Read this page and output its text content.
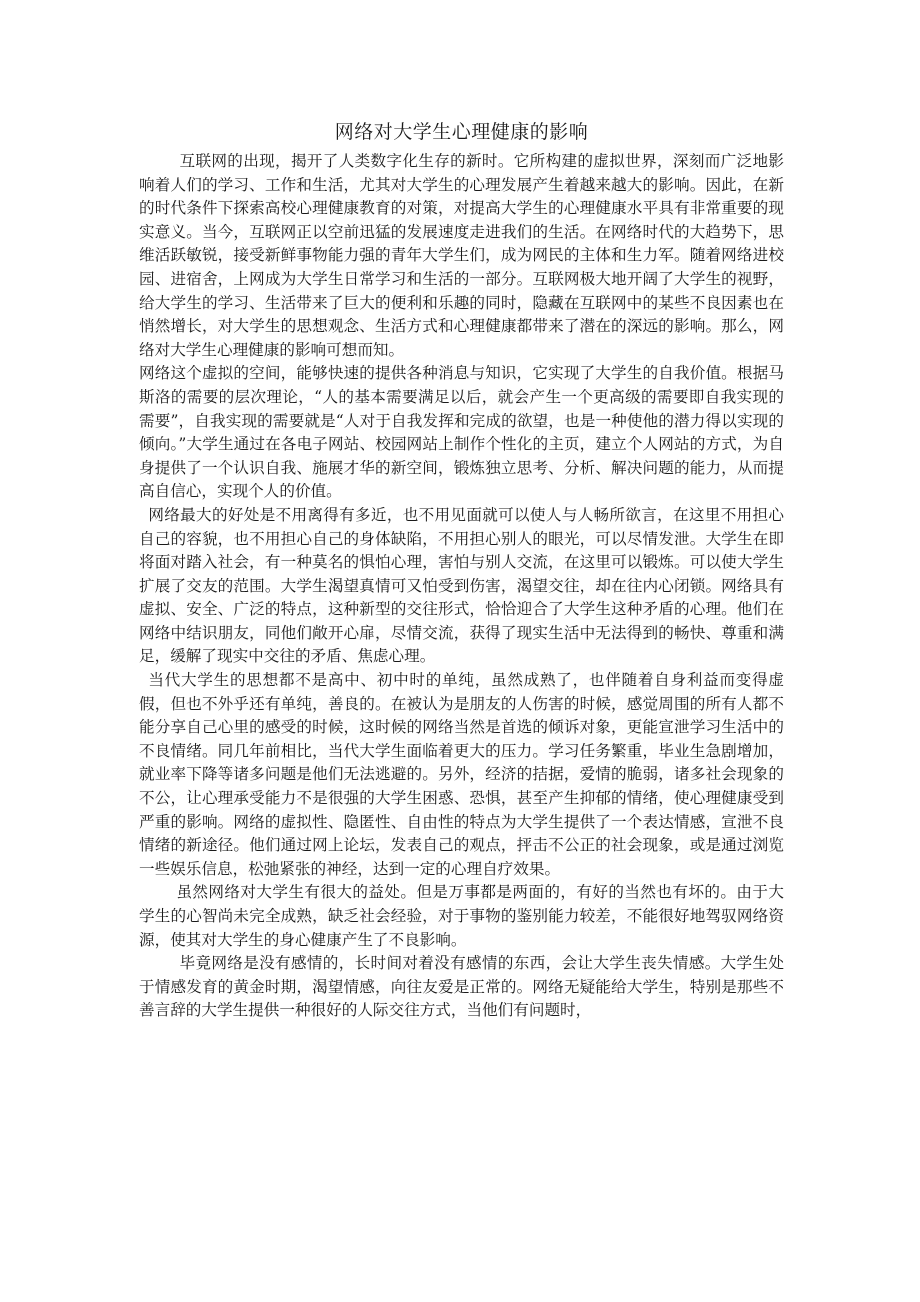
网络对大学生心理健康的影响

互联网的出现，揭开了人类数字化生存的新时。它所构建的虚拟世界，深刻而广泛地影响着人们的学习、工作和生活，尤其对大学生的心理发展产生着越来越大的影响。因此，在新的时代条件下探索高校心理健康教育的对策，对提高大学生的心理健康水平具有非常重要的现实意义。当今，互联网正以空前迅猛的发展速度走进我们的生活。在网络时代的大趋势下，思维活跃敏锐，接受新鲜事物能力强的青年大学生们，成为网民的主体和生力军。随着网络进校园、进宿舍，上网成为大学生日常学习和生活的一部分。互联网极大地开阔了大学生的视野，给大学生的学习、生活带来了巨大的便利和乐趣的同时，隐藏在互联网中的某些不良因素也在悄然增长，对大学生的思想观念、生活方式和心理健康都带来了潜在的深远的影响。那么，网络对大学生心理健康的影响可想而知。

网络这个虚拟的空间，能够快速的提供各种消息与知识，它实现了大学生的自我价值。根据马斯洛的需要的层次理论，“人的基本需要满足以后，就会产生一个更高级的需要即自我实现的需要”，自我实现的需要就是“人对于自我发挥和完成的欲望，也是一种使他的潜力得以实现的倾向。”大学生通过在各电子网站、校园网站上制作个性化的主页，建立个人网站的方式，为自身提供了一个认识自我、施展才华的新空间，锻炼独立思考、分析、解决问题的能力，从而提高自信心，实现个人的价值。

网络最大的好处是不用离得有多近，也不用见面就可以使人与人畅所欲言，在这里不用担心自己的容貌，也不用担心自己的身体缺陷，不用担心别人的眼光，可以尽情发泄。大学生在即将面对踏入社会，有一种莫名的惧怕心理，害怕与别人交流，在这里可以锻炼。可以使大学生扩展了交友的范围。大学生渴望真情可又怕受到伤害，渴望交往，却在往内心闭锁。网络具有虚拟、安全、广泛的特点，这种新型的交往形式，恰恰迎合了大学生这种矛盾的心理。他们在网络中结识朋友，同他们敞开心扉，尽情交流，获得了现实生活中无法得到的畅快、尊重和满足，缓解了现实中交往的矛盾、焦虑心理。

当代大学生的思想都不是高中、初中时的单纯，虽然成熟了，也伴随着自身利益而变得虚假，但也不外乎还有单纯，善良的。在被认为是朋友的人伤害的时候，感觉周围的所有人都不能分享自己心里的感受的时候，这时候的网络当然是首选的倾诉对象，更能宣泄学习生活中的不良情绪。同几年前相比，当代大学生面临着更大的压力。学习任务繁重，毕业生急剧增加，就业率下降等诸多问题是他们无法逃避的。另外，经济的拮据，爱情的脆弱，诸多社会现象的不公，让心理承受能力不是很强的大学生困惑、恐惧，甚至产生抑郁的情绪，使心理健康受到严重的影响。网络的虚拟性、隐匿性、自由性的特点为大学生提供了一个表达情感，宣泄不良情绪的新途径。他们通过网上论坛，发表自己的观点，抨击不公正的社会现象，或是通过浏览一些娱乐信息，松弛紧张的神经，达到一定的心理自疗效果。

虽然网络对大学生有很大的益处。但是万事都是两面的，有好的当然也有坏的。由于大学生的心智尚未完全成熟，缺乏社会经验，对于事物的鉴别能力较差，不能很好地驾驭网络资源，使其对大学生的身心健康产生了不良影响。

毕竟网络是没有感情的，长时间对着没有感情的东西，会让大学生丧失情感。大学生处于情感发育的黄金时期，渴望情感，向往友爱是正常的。网络无疑能给大学生，特别是那些不善言辞的大学生提供一种很好的人际交往方式，当他们有问题时，
